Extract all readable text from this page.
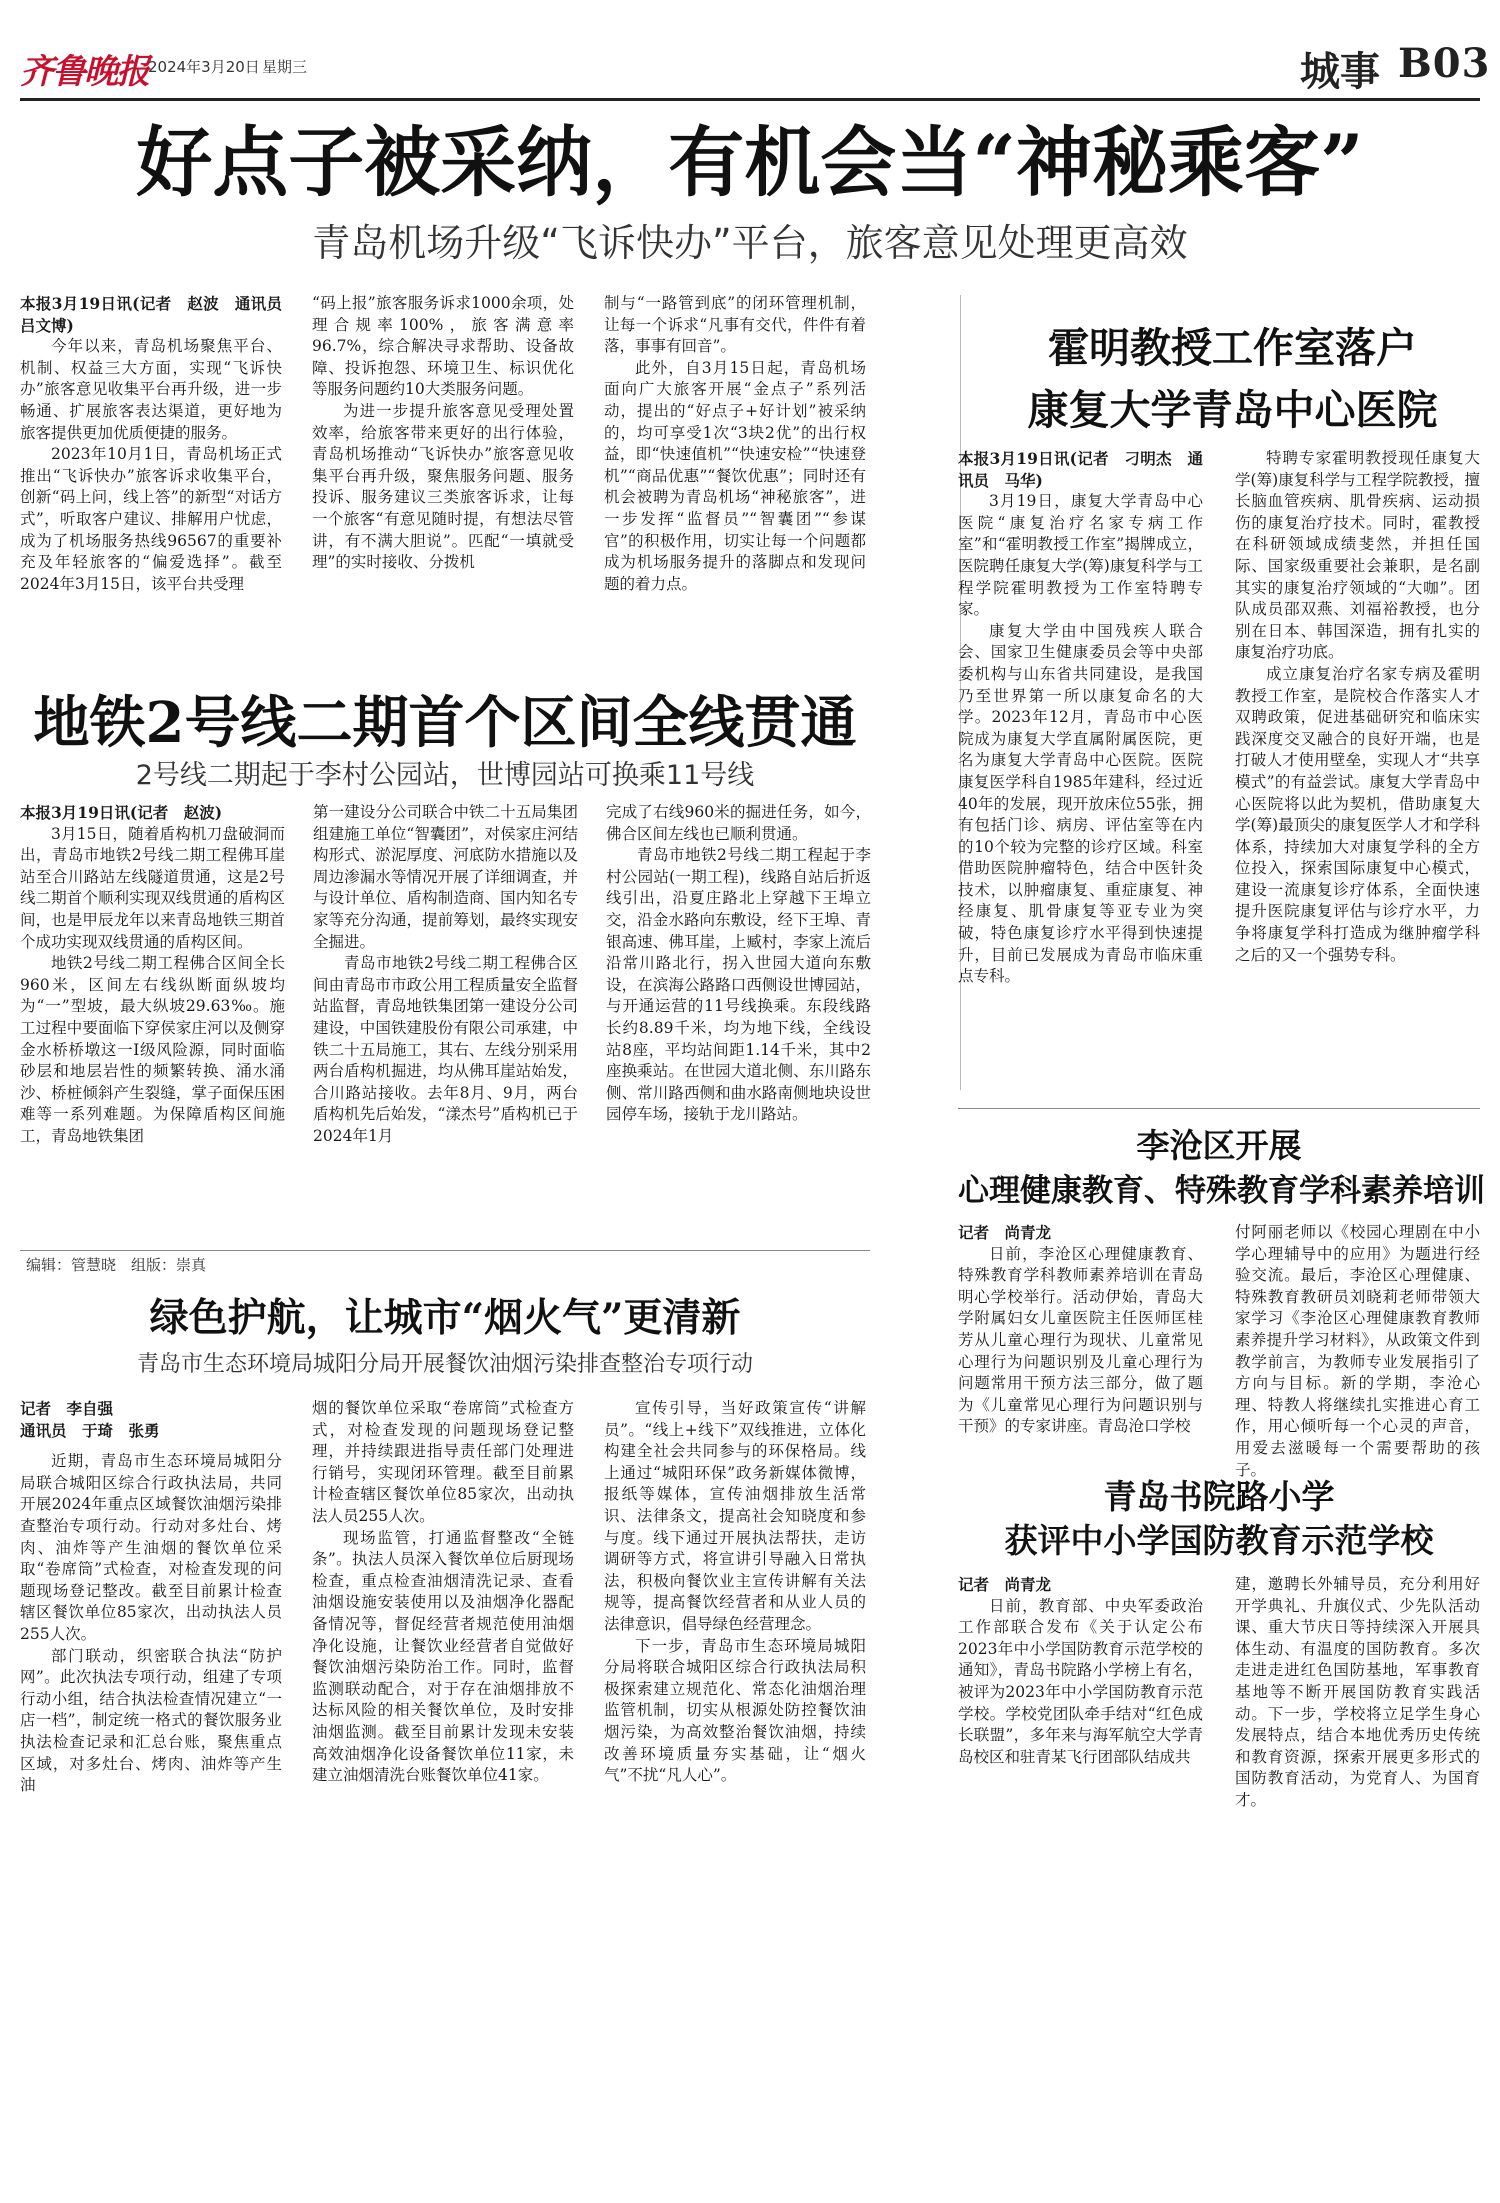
齐鲁晚报 2024年3月20日 星期三	城事 B03
好点子被采纳，有机会当“神秘乘客”
青岛机场升级“飞诉快办”平台，旅客意见处理更高效

本报3月19日讯(记者　赵波　通讯员　吕文博)

今年以来，青岛机场聚焦平台、机制、权益三大方面，实现“飞诉快办”旅客意见收集平台再升级，进一步畅通、扩展旅客表达渠道，更好地为旅客提供更加优质便捷的服务。

2023年10月1日，青岛机场正式推出“飞诉快办”旅客诉求收集平台，创新“码上问，线上答”的新型“对话方式”，听取客户建议、排解用户忧虑，成为了机场服务热线96567的重要补充及年轻旅客的“偏爱选择”。截至2024年3月15日，该平台共受理

“码上报”旅客服务诉求1000余项，处理合规率100%，旅客满意率96.7%，综合解决寻求帮助、设备故障、投诉抱怨、环境卫生、标识优化等服务问题约10大类服务问题。

为进一步提升旅客意见受理处置效率，给旅客带来更好的出行体验，青岛机场推动“飞诉快办”旅客意见收集平台再升级，聚焦服务问题、服务投诉、服务建议三类旅客诉求，让每一个旅客“有意见随时提，有想法尽管讲，有不满大胆说”。匹配“一填就受理”的实时接收、分拨机

制与“一路管到底”的闭环管理机制，让每一个诉求“凡事有交代，件件有着落，事事有回音”。

此外，自3月15日起，青岛机场面向广大旅客开展“金点子”系列活动，提出的“好点子+好计划”被采纳的，均可享受1次“3块2优”的出行权益，即“快速值机”“快速安检”“快速登机”“商品优惠”“餐饮优惠”；同时还有机会被聘为青岛机场“神秘旅客”，进一步发挥“监督员”“智囊团”“参谋官”的积极作用，切实让每一个问题都成为机场服务提升的落脚点和发现问题的着力点。

霍明教授工作室落户
康复大学青岛中心医院

本报3月19日讯(记者　刁明杰　通讯员　马华)

3月19日，康复大学青岛中心医院“康复治疗名家专病工作室”和“霍明教授工作室”揭牌成立，医院聘任康复大学(筹)康复科学与工程学院霍明教授为工作室特聘专家。

康复大学由中国残疾人联合会、国家卫生健康委员会等中央部委机构与山东省共同建设，是我国乃至世界第一所以康复命名的大学。2023年12月，青岛市中心医院成为康复大学直属附属医院，更名为康复大学青岛中心医院。医院康复医学科自1985年建科，经过近40年的发展，现开放床位55张，拥有包括门诊、病房、评估室等在内的10个较为完整的诊疗区域。科室借助医院肿瘤特色，结合中医针灸技术，以肿瘤康复、重症康复、神经康复、肌骨康复等亚专业为突破，特色康复诊疗水平得到快速提升，目前已发展成为青岛市临床重点专科。

特聘专家霍明教授现任康复大学(筹)康复科学与工程学院教授，擅长脑血管疾病、肌骨疾病、运动损伤的康复治疗技术。同时，霍教授在科研领域成绩斐然，并担任国际、国家级重要社会兼职，是名副其实的康复治疗领域的“大咖”。团队成员邵双燕、刘福裕教授，也分别在日本、韩国深造，拥有扎实的康复治疗功底。

成立康复治疗名家专病及霍明教授工作室，是院校合作落实人才双聘政策，促进基础研究和临床实践深度交叉融合的良好开端，也是打破人才使用壁垒，实现人才“共享模式”的有益尝试。康复大学青岛中心医院将以此为契机，借助康复大学(筹)最顶尖的康复医学人才和学科体系，持续加大对康复学科的全方位投入，探索国际康复中心模式，建设一流康复诊疗体系，全面快速提升医院康复评估与诊疗水平，力争将康复学科打造成为继肿瘤学科之后的又一个强势专科。

地铁2号线二期首个区间全线贯通
2号线二期起于李村公园站，世博园站可换乘11号线

本报3月19日讯(记者　赵波)

3月15日，随着盾构机刀盘破洞而出，青岛市地铁2号线二期工程佛耳崖站至合川路站左线隧道贯通，这是2号线二期首个顺利实现双线贯通的盾构区间，也是甲辰龙年以来青岛地铁三期首个成功实现双线贯通的盾构区间。

地铁2号线二期工程佛合区间全长960米，区间左右线纵断面纵坡均为“一”型坡，最大纵坡29.63‰。施工过程中要面临下穿侯家庄河以及侧穿金水桥桥墩这一I级风险源，同时面临砂层和地层岩性的频繁转换、涌水涌沙、桥桩倾斜产生裂缝，掌子面保压困难等一系列难题。为保障盾构区间施工，青岛地铁集团

第一建设分公司联合中铁二十五局集团组建施工单位“智囊团”，对侯家庄河结构形式、淤泥厚度、河底防水措施以及周边渗漏水等情况开展了详细调查，并与设计单位、盾构制造商、国内知名专家等充分沟通，提前筹划，最终实现安全掘进。

青岛市地铁2号线二期工程佛合区间由青岛市市政公用工程质量安全监督站监督，青岛地铁集团第一建设分公司建设，中国铁建股份有限公司承建，中铁二十五局施工，其右、左线分别采用两台盾构机掘进，均从佛耳崖站始发，合川路站接收。去年8月、9月，两台盾构机先后始发，“漾杰号”盾构机已于2024年1月

完成了右线960米的掘进任务，如今，佛合区间左线也已顺利贯通。

青岛市地铁2号线二期工程起于李村公园站(一期工程)，线路自站后折返线引出，沿夏庄路北上穿越下王埠立交，沿金水路向东敷设，经下王埠、青银高速、佛耳崖，上臧村，李家上流后沿常川路北行，拐入世园大道向东敷设，在滨海公路路口西侧设世博园站，与开通运营的11号线换乘。东段线路长约8.89千米，均为地下线，全线设站8座，平均站间距1.14千米，其中2座换乘站。在世园大道北侧、东川路东侧、常川路西侧和曲水路南侧地块设世园停车场，接轨于龙川路站。

编辑：管慧晓　组版：崇真
李沧区开展
心理健康教育、特殊教育学科素养培训

记者　尚青龙

日前，李沧区心理健康教育、特殊教育学科教师素养培训在青岛明心学校举行。活动伊始，青岛大学附属妇女儿童医院主任医师匡桂芳从儿童心理行为现状、儿童常见心理行为问题识别及儿童心理行为问题常用干预方法三部分，做了题为《儿童常见心理行为问题识别与干预》的专家讲座。青岛沧口学校

付阿丽老师以《校园心理剧在中小学心理辅导中的应用》为题进行经验交流。最后，李沧区心理健康、特殊教育教研员刘晓莉老师带领大家学习《李沧区心理健康教育教师素养提升学习材料》，从政策文件到教学前言，为教师专业发展指引了方向与目标。新的学期，李沧心理、特教人将继续扎实推进心育工作，用心倾听每一个心灵的声音，用爱去滋暖每一个需要帮助的孩子。

绿色护航，让城市“烟火气”更清新
青岛市生态环境局城阳分局开展餐饮油烟污染排查整治专项行动

记者　李自强

通讯员　于琦　张勇

近期，青岛市生态环境局城阳分局联合城阳区综合行政执法局，共同开展2024年重点区域餐饮油烟污染排查整治专项行动。行动对多灶台、烤肉、油炸等产生油烟的餐饮单位采取“卷席筒”式检查，对检查发现的问题现场登记整改。截至目前累计检查辖区餐饮单位85家次，出动执法人员255人次。

部门联动，织密联合执法“防护网”。此次执法专项行动，组建了专项行动小组，结合执法检查情况建立“一店一档”，制定统一格式的餐饮服务业执法检查记录和汇总台账，聚焦重点区域，对多灶台、烤肉、油炸等产生油

烟的餐饮单位采取“卷席筒”式检查方式，对检查发现的问题现场登记整理，并持续跟进指导责任部门处理进行销号，实现闭环管理。截至目前累计检查辖区餐饮单位85家次，出动执法人员255人次。

现场监管，打通监督整改“全链条”。执法人员深入餐饮单位后厨现场检查，重点检查油烟清洗记录、查看油烟设施安装使用以及油烟净化器配备情况等，督促经营者规范使用油烟净化设施，让餐饮业经营者自觉做好餐饮油烟污染防治工作。同时，监督监测联动配合，对于存在油烟排放不达标风险的相关餐饮单位，及时安排油烟监测。截至目前累计发现未安装高效油烟净化设备餐饮单位11家，未建立油烟清洗台账餐饮单位41家。

宣传引导，当好政策宣传“讲解员”。“线上+线下”双线推进，立体化构建全社会共同参与的环保格局。线上通过“城阳环保”政务新媒体微博，报纸等媒体，宣传油烟排放生活常识、法律条文，提高社会知晓度和参与度。线下通过开展执法帮扶，走访调研等方式，将宣讲引导融入日常执法，积极向餐饮业主宣传讲解有关法规等，提高餐饮经营者和从业人员的法律意识，倡导绿色经营理念。

下一步，青岛市生态环境局城阳分局将联合城阳区综合行政执法局积极探索建立规范化、常态化油烟治理监管机制，切实从根源处防控餐饮油烟污染，为高效整治餐饮油烟，持续改善环境质量夯实基础，让“烟火气”不扰“凡人心”。

青岛书院路小学
获评中小学国防教育示范学校

记者　尚青龙

日前，教育部、中央军委政治工作部联合发布《关于认定公布2023年中小学国防教育示范学校的通知》，青岛书院路小学榜上有名，被评为2023年中小学国防教育示范学校。学校党团队牵手结对“红色成长联盟”，多年来与海军航空大学青岛校区和驻青某飞行团部队结成共

建，邀聘长外辅导员，充分利用好开学典礼、升旗仪式、少先队活动课、重大节庆日等持续深入开展具体生动、有温度的国防教育。多次走进走进红色国防基地，军事教育基地等不断开展国防教育实践活动。下一步，学校将立足学生身心发展特点，结合本地优秀历史传统和教育资源，探索开展更多形式的国防教育活动，为党育人、为国育才。
